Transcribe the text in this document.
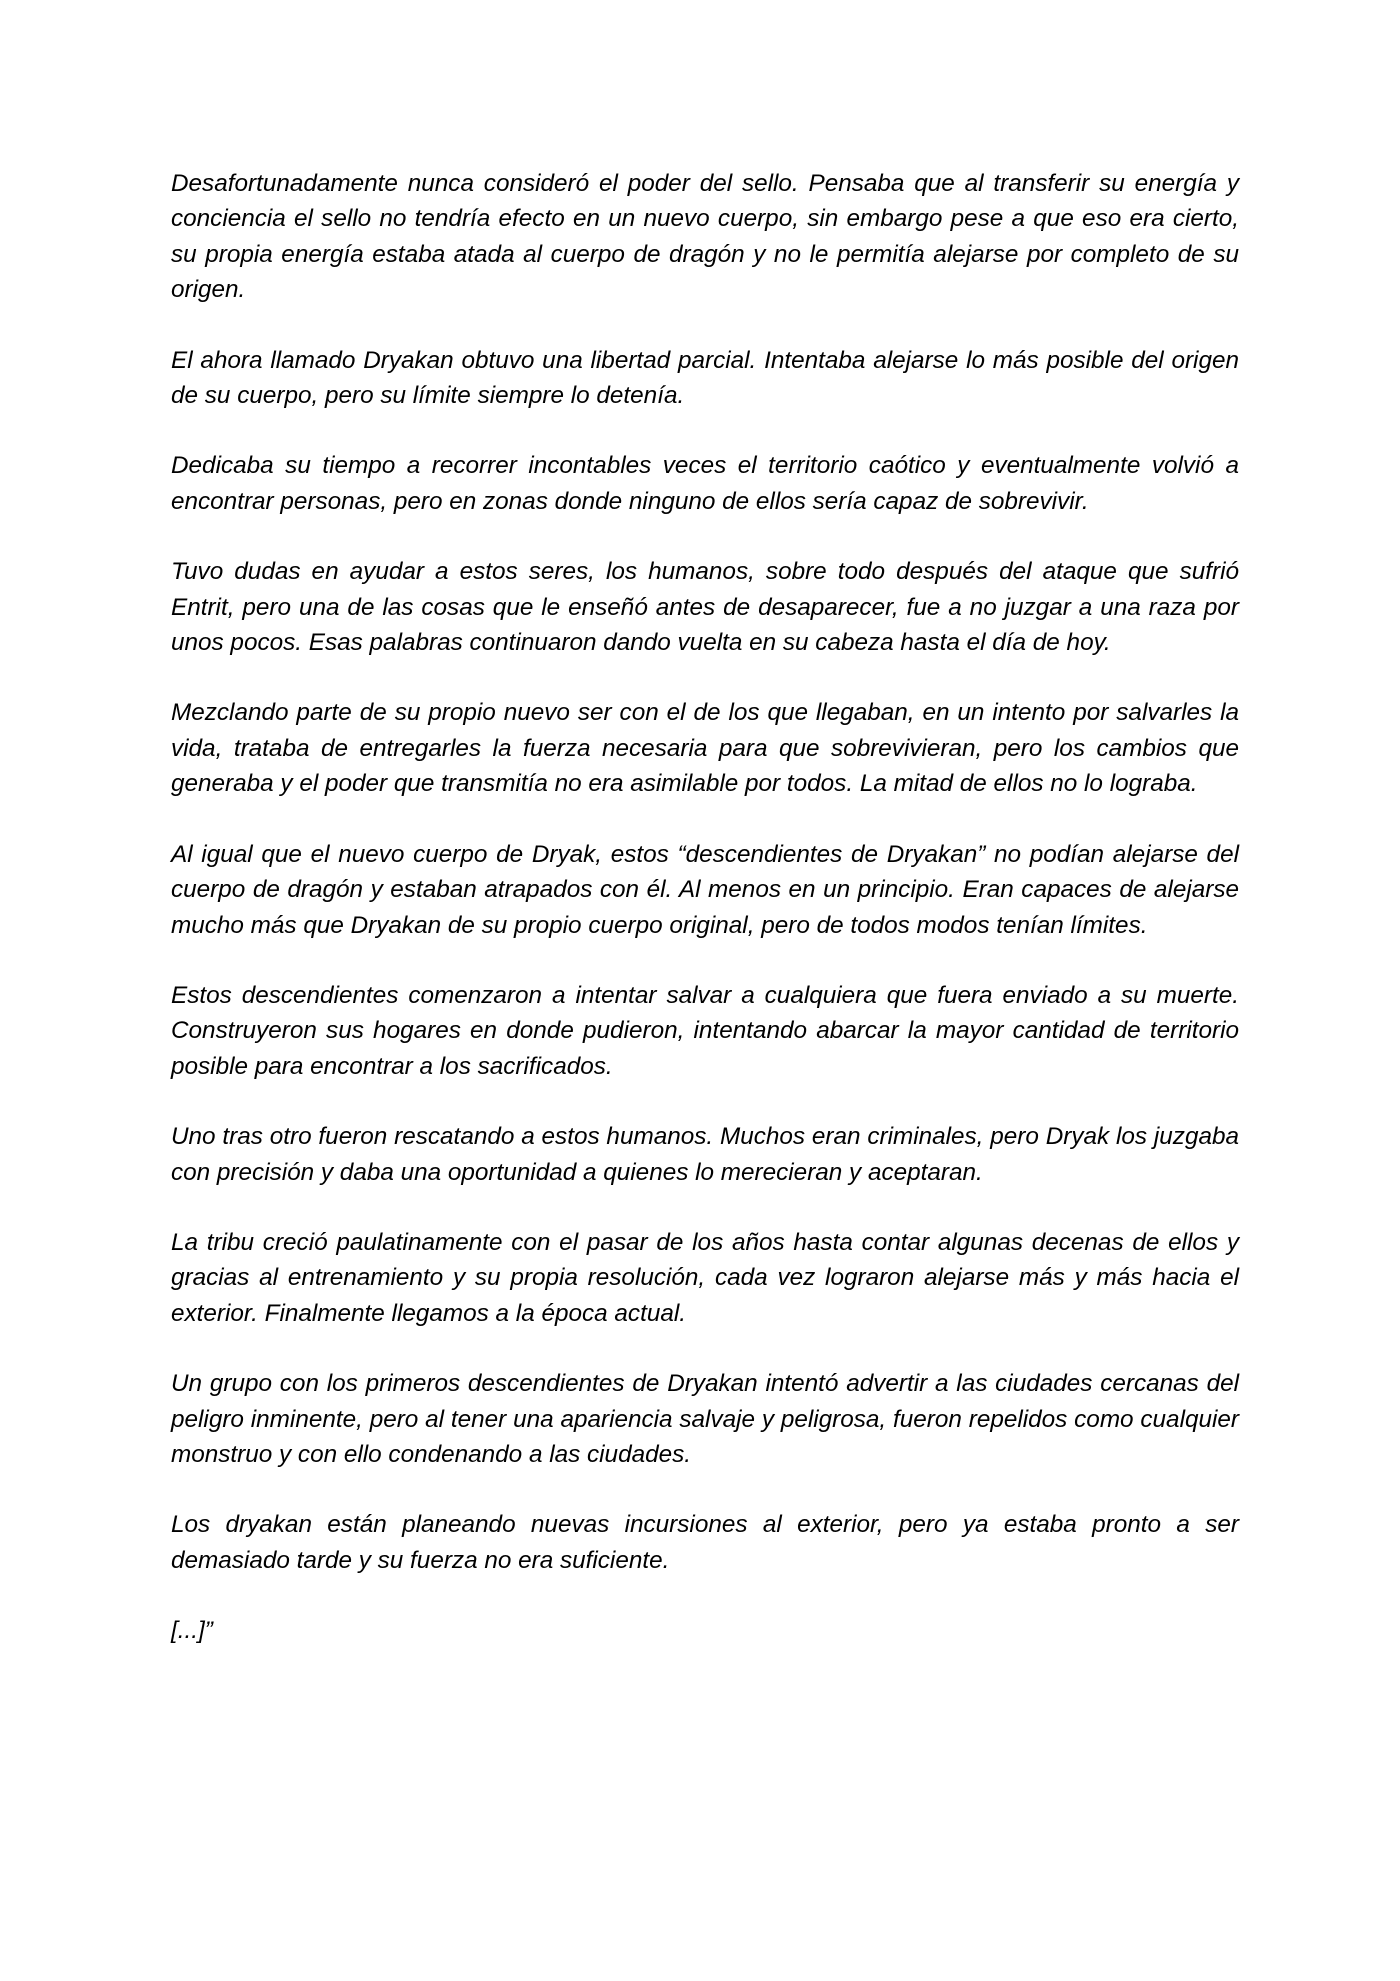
Desafortunadamente nunca consideró el poder del sello. Pensaba que al transferir su energía y conciencia el sello no tendría efecto en un nuevo cuerpo, sin embargo pese a que eso era cierto, su propia energía estaba atada al cuerpo de dragón y no le permitía alejarse por completo de su origen.

El ahora llamado Dryakan obtuvo una libertad parcial. Intentaba alejarse lo más posible del origen de su cuerpo, pero su límite siempre lo detenía.

Dedicaba su tiempo a recorrer incontables veces el territorio caótico y eventualmente volvió a encontrar personas, pero en zonas donde ninguno de ellos sería capaz de sobrevivir.

Tuvo dudas en ayudar a estos seres, los humanos, sobre todo después del ataque que sufrió Entrit, pero una de las cosas que le enseñó antes de desaparecer, fue a no juzgar a una raza por unos pocos. Esas palabras continuaron dando vuelta en su cabeza hasta el día de hoy.

Mezclando parte de su propio nuevo ser con el de los que llegaban, en un intento por salvarles la vida, trataba de entregarles la fuerza necesaria para que sobrevivieran, pero los cambios que generaba y el poder que transmitía no era asimilable por todos. La mitad de ellos no lo lograba.

Al igual que el nuevo cuerpo de Dryak, estos “descendientes de Dryakan” no podían alejarse del cuerpo de dragón y estaban atrapados con él. Al menos en un principio. Eran capaces de alejarse mucho más que Dryakan de su propio cuerpo original, pero de todos modos tenían límites.

Estos descendientes comenzaron a intentar salvar a cualquiera que fuera enviado a su muerte. Construyeron sus hogares en donde pudieron, intentando abarcar la mayor cantidad de territorio posible para encontrar a los sacrificados.

Uno tras otro fueron rescatando a estos humanos. Muchos eran criminales, pero Dryak los juzgaba con precisión y daba una oportunidad a quienes lo merecieran y aceptaran.

La tribu creció paulatinamente con el pasar de los años hasta contar algunas decenas de ellos y gracias al entrenamiento y su propia resolución, cada vez lograron alejarse más y más hacia el exterior. Finalmente llegamos a la época actual.

Un grupo con los primeros descendientes de Dryakan intentó advertir a las ciudades cercanas del peligro inminente, pero al tener una apariencia salvaje y peligrosa, fueron repelidos como cualquier monstruo y con ello condenando a las ciudades.

Los dryakan están planeando nuevas incursiones al exterior, pero ya estaba pronto a ser demasiado tarde y su fuerza no era suficiente.

[...]”
